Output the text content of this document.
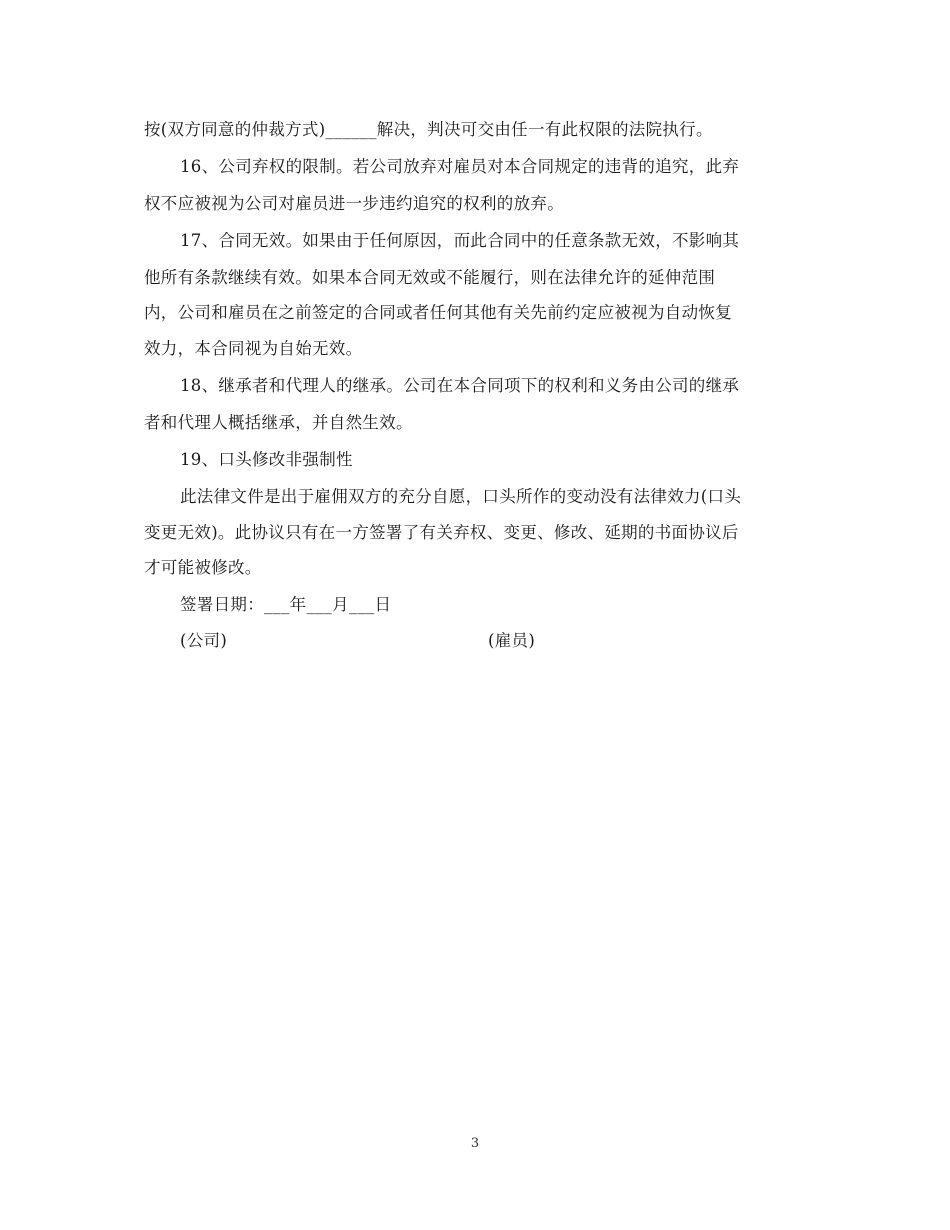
按(双方同意的仲裁方式)______解决，判决可交由任一有此权限的法院执行。
16、公司弃权的限制。若公司放弃对雇员对本合同规定的违背的追究，此弃
权不应被视为公司对雇员进一步违约追究的权利的放弃。
17、合同无效。如果由于任何原因，而此合同中的任意条款无效，不影响其
他所有条款继续有效。如果本合同无效或不能履行，则在法律允许的延伸范围
内，公司和雇员在之前签定的合同或者任何其他有关先前约定应被视为自动恢复
效力，本合同视为自始无效。
18、继承者和代理人的继承。公司在本合同项下的权利和义务由公司的继承
者和代理人概括继承，并自然生效。
19、口头修改非强制性
此法律文件是出于雇佣双方的充分自愿，口头所作的变动没有法律效力(口头
变更无效)。此协议只有在一方签署了有关弃权、变更、修改、延期的书面协议后
才可能被修改。
签署日期：___年___月___日
(公司)	(雇员)
3
